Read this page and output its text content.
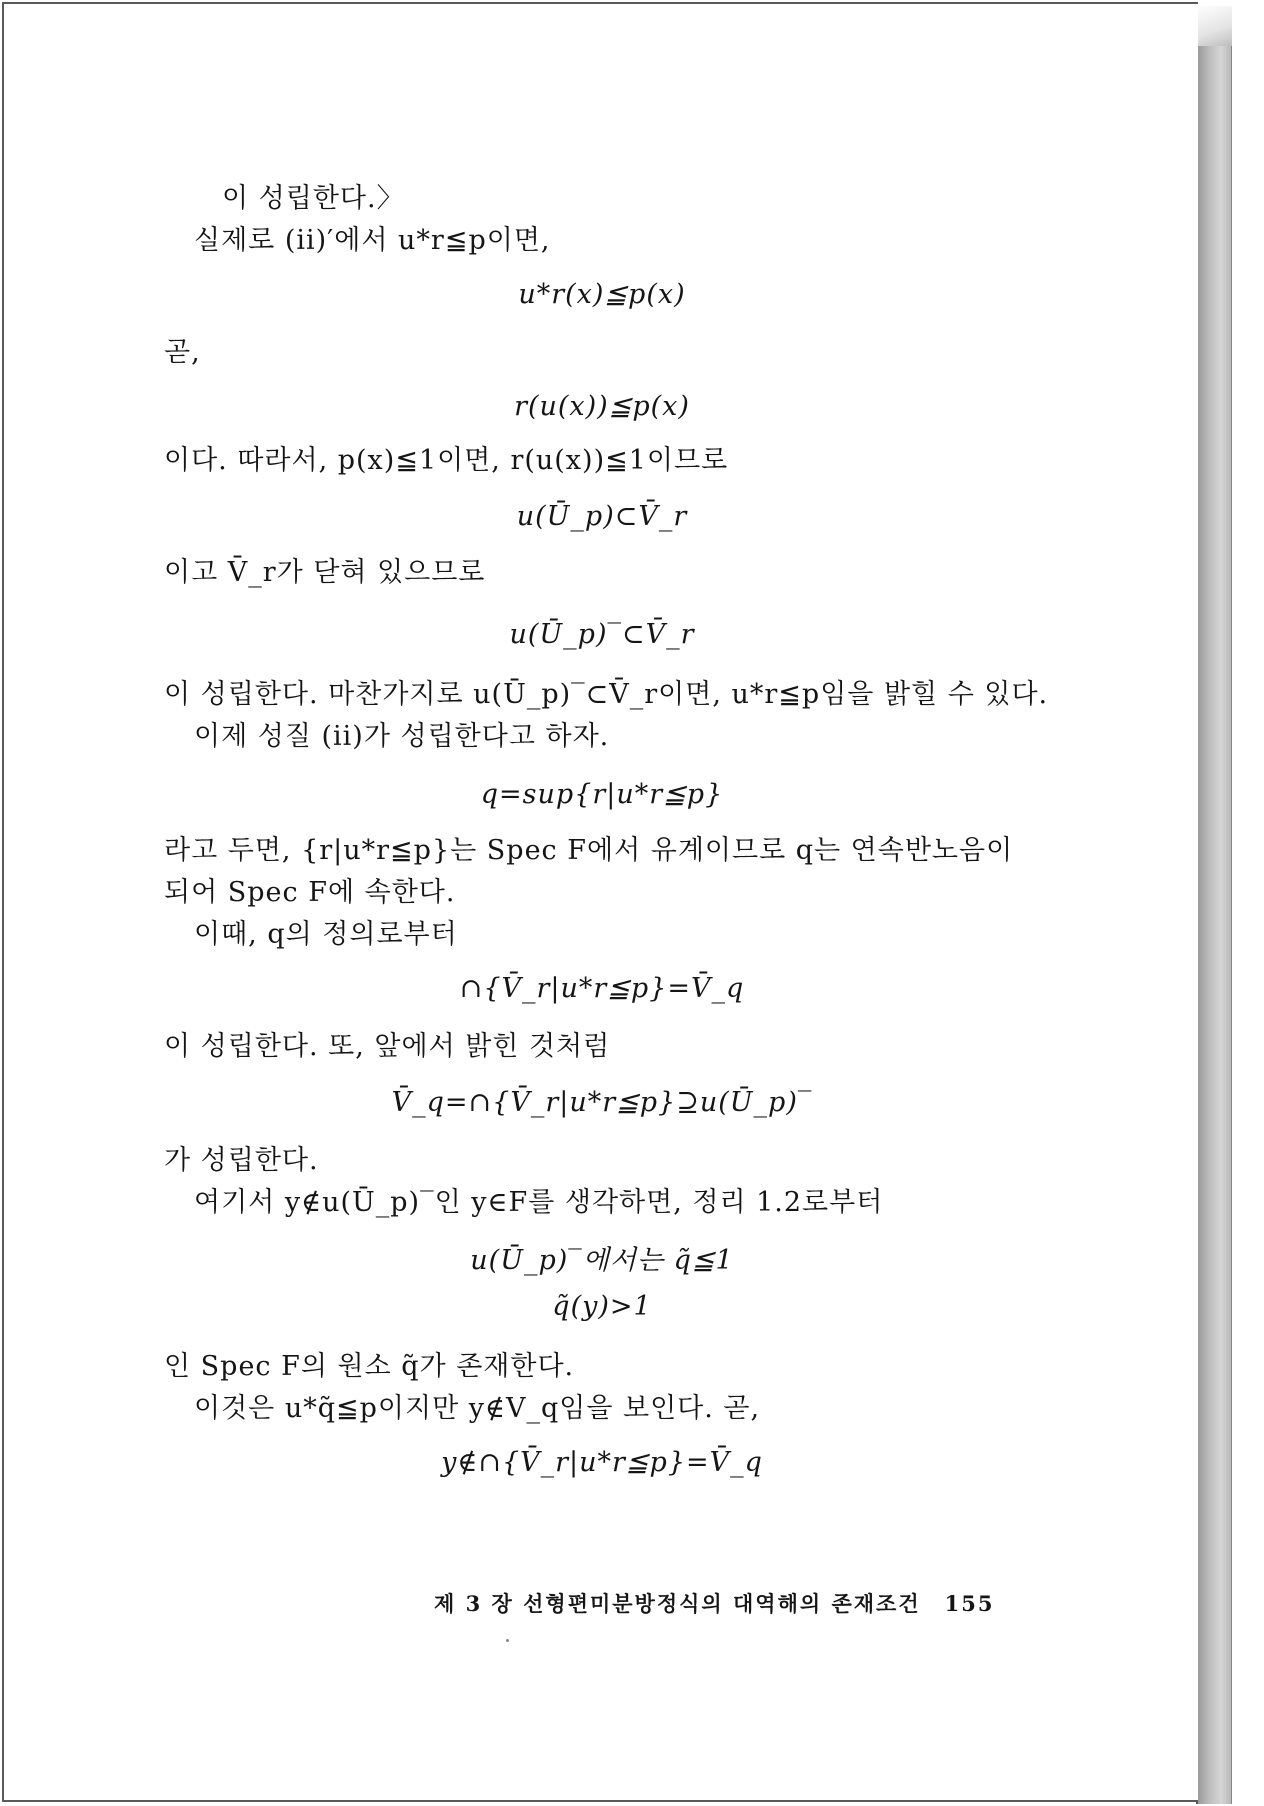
이 성립한다.〉
실제로 (ii)′에서 u*r≦p이면,
u*r(x)≦p(x)
곧,
r(u(x))≦p(x)
이다. 따라서, p(x)≦1이면, r(u(x))≦1이므로
u(Ū_p)⊂V̄_r
이고 V̄_r가 닫혀 있으므로
u(Ū_p)‾⊂V̄_r
이 성립한다. 마찬가지로 u(Ū_p)‾⊂V̄_r이면, u*r≦p임을 밝힐 수 있다.
이제 성질 (ii)가 성립한다고 하자.
q=sup{r|u*r≦p}
라고 두면, {r|u*r≦p}는 Spec F에서 유계이므로 q는 연속반노음이
되어 Spec F에 속한다.
이때, q의 정의로부터
∩{V̄_r|u*r≦p}=V̄_q
이 성립한다. 또, 앞에서 밝힌 것처럼
V̄_q=∩{V̄_r|u*r≦p}⊇u(Ū_p)‾
가 성립한다.
여기서 y∉u(Ū_p)‾인 y∈F를 생각하면, 정리 1.2로부터
u(Ū_p)‾에서는 q̃≦1
q̃(y)>1
인 Spec F의 원소 q̃가 존재한다.
이것은 u*q̃≦p이지만 y∉V_q임을 보인다. 곧,
y∉∩{V̄_r|u*r≦p}=V̄_q
제 3 장 선형편미분방정식의 대역해의 존재조건 155
